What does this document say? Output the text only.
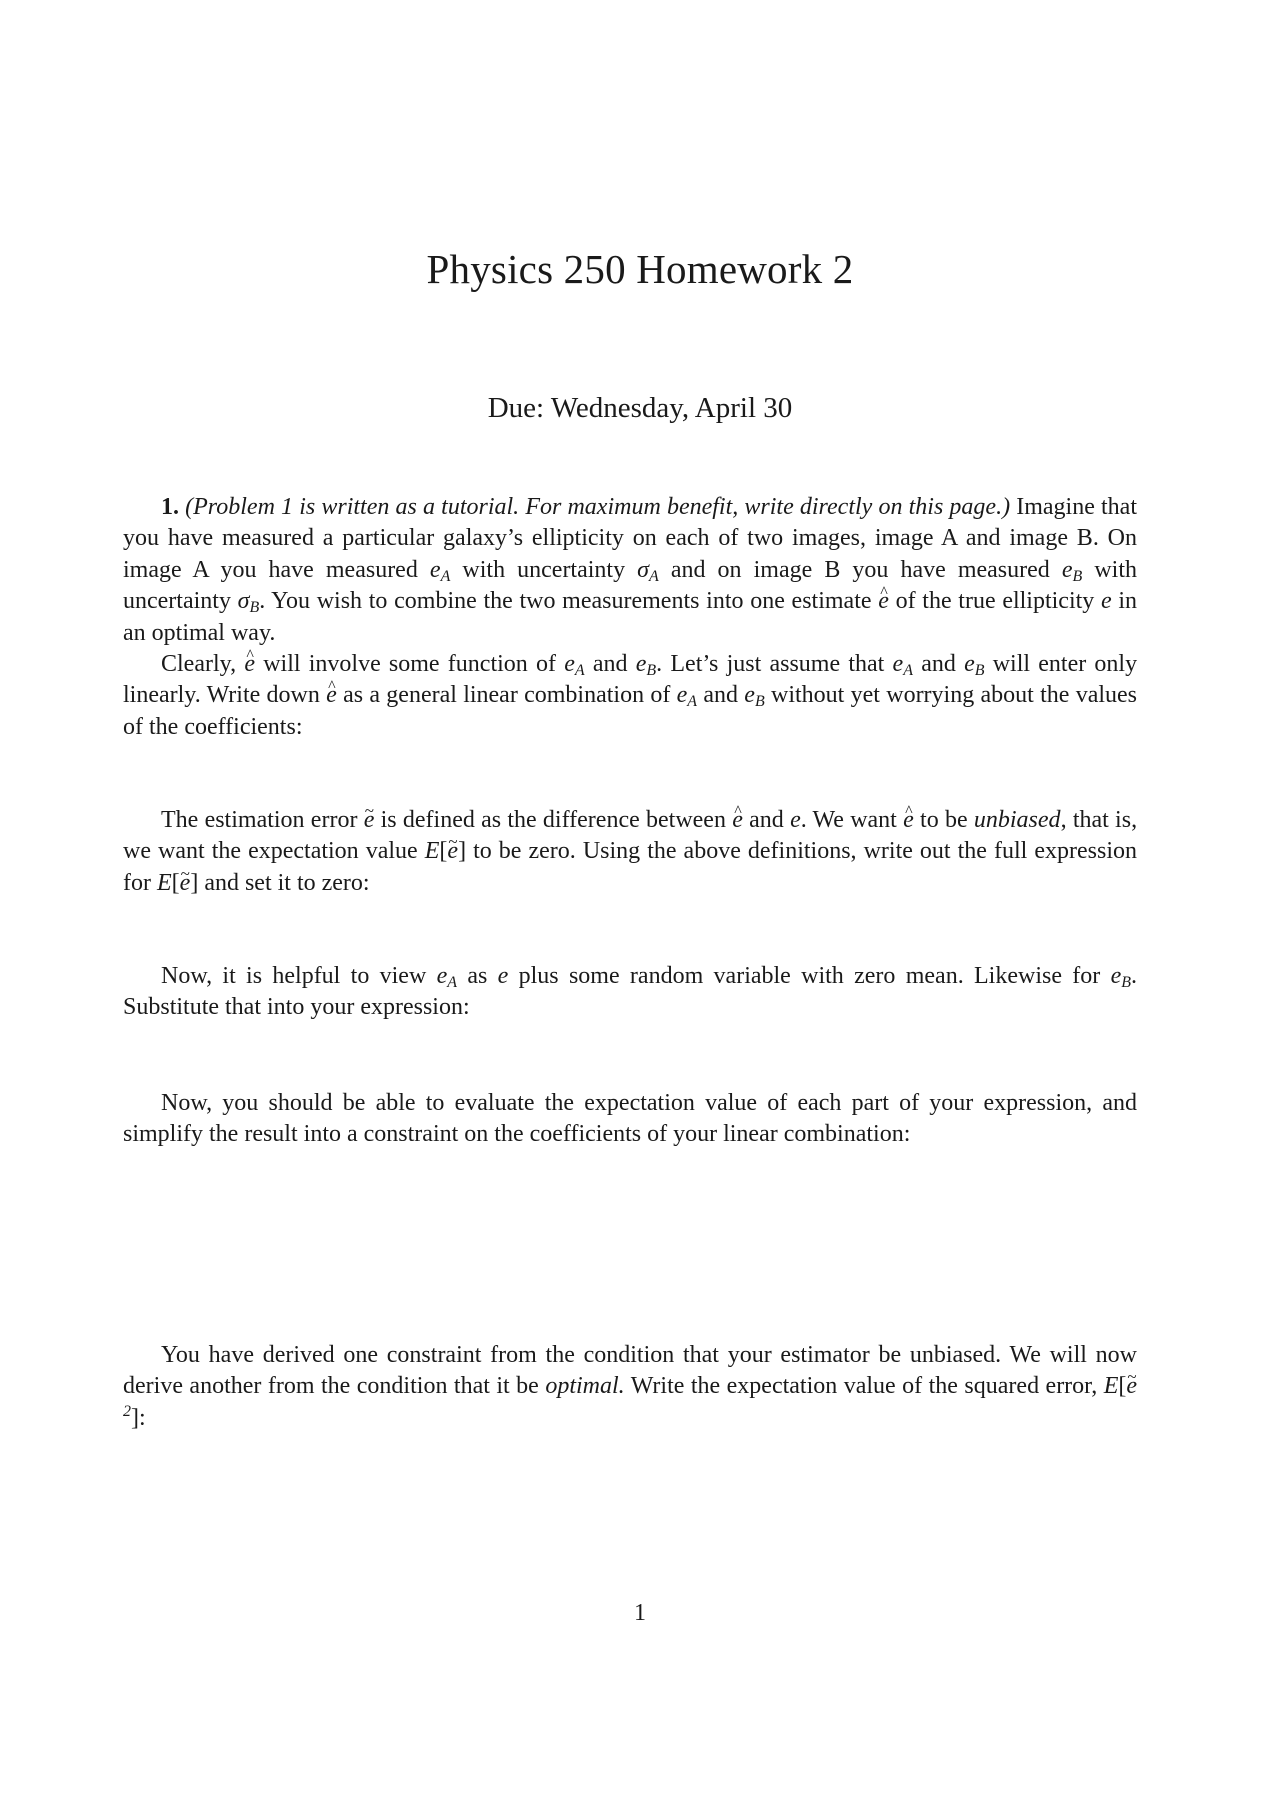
Physics 250 Homework 2
Due: Wednesday, April 30

1. (Problem 1 is written as a tutorial. For maximum benefit, write directly on this page.) Imagine that you have measured a particular galaxy’s ellipticity on each of two images, image A and image B. On image A you have measured $e_A$ with uncertainty $\sigma_A$ and on image B you have measured $e_B$ with uncertainty $\sigma_B$. You wish to combine the two measurements into one estimate e ^ of the true ellipticity e in an optimal way.

Clearly, e ^ will involve some function of $e_A$ and $e_B$. Let’s just assume that $e_A$ and $e_B$ will enter only linearly. Write down e ^ as a general linear combination of $e_A$ and $e_B$ without yet worrying about the values of the coefficients:

The estimation error e ~ is defined as the difference between e ^ and e. We want e ^ to be unbiased, that is, we want the expectation value E[e ~] to be zero. Using the above definitions, write out the full expression for E[e ~] and set it to zero:

Now, it is helpful to view $e_A$ as e plus some random variable with zero mean. Likewise for $e_B$. Substitute that into your expression:

Now, you should be able to evaluate the expectation value of each part of your expression, and simplify the result into a constraint on the coefficients of your linear combination:

You have derived one constraint from the condition that your estimator be unbiased. We will now derive another from the condition that it be optimal. Write the expectation value of the squared error, E[e ~$^2$]:

1
